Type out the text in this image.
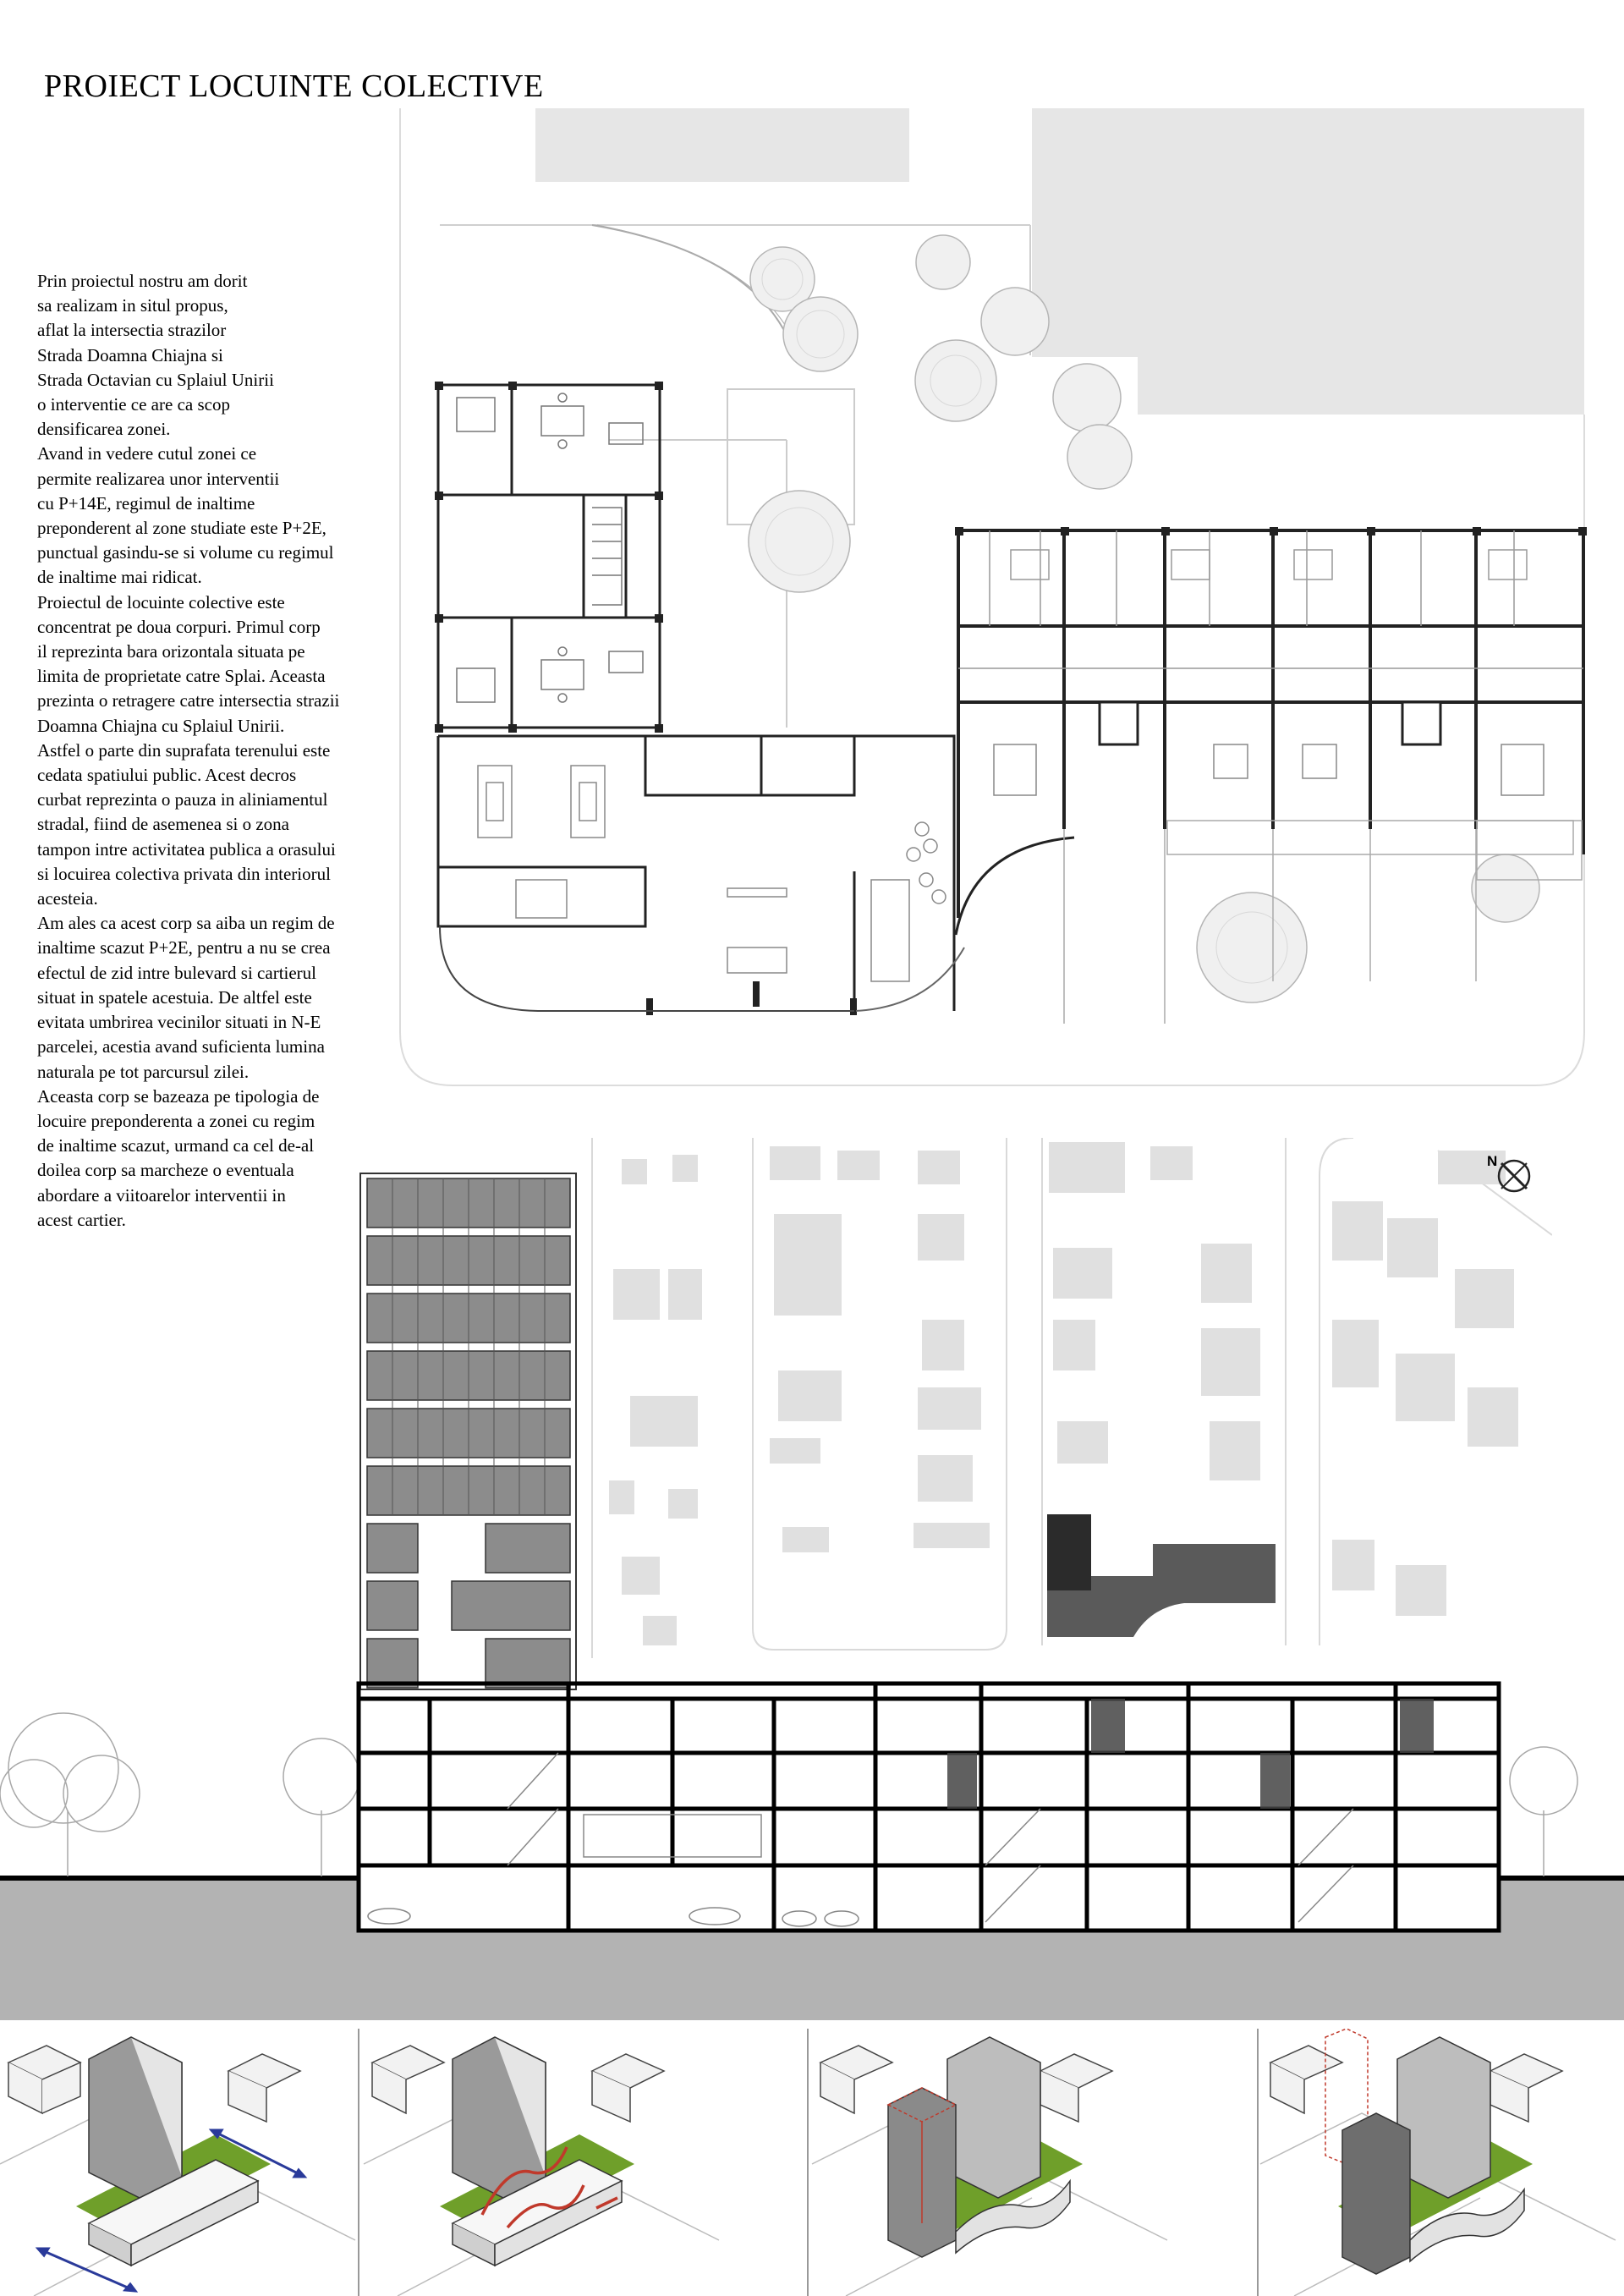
PROIECT LOCUINTE COLECTIVE
Prin proiectul nostru am dorit
sa realizam in situl propus,
aflat la intersectia strazilor
Strada Doamna Chiajna si
Strada Octavian cu Splaiul Unirii
o interventie ce are ca scop
densificarea zonei.
Avand in vedere cutul zonei ce
permite realizarea unor interventii
cu P+14E, regimul de inaltime
preponderent al zone studiate este P+2E,
punctual gasindu-se si volume cu regimul
de inaltime mai ridicat.
Proiectul de locuinte colective este
concentrat pe doua corpuri. Primul corp
il reprezinta bara orizontala situata pe
limita de proprietate catre Splai. Aceasta
prezinta o retragere catre intersectia strazii
Doamna Chiajna cu Splaiul Unirii.
Astfel o parte din suprafata terenului este
cedata spatiului public. Acest decros
curbat reprezinta o pauza in aliniamentul
stradal, fiind de asemenea si o zona
tampon intre activitatea publica a orasului
si locuirea colectiva privata din interiorul
acesteia.
Am ales ca acest corp sa aiba un regim de
inaltime scazut P+2E, pentru a nu se crea
efectul de zid intre bulevard si cartierul
situat in spatele acestuia. De altfel este
evitata umbrirea vecinilor situati in N-E
parcelei, acestia avand suficienta lumina
naturala pe tot parcursul zilei.
Aceasta corp se bazeaza pe tipologia de
locuire preponderenta a zonei cu regim
de inaltime scazut, urmand ca cel de-al
doilea corp sa marcheze o eventuala
abordare a viitoarelor interventii in
acest cartier.
N
